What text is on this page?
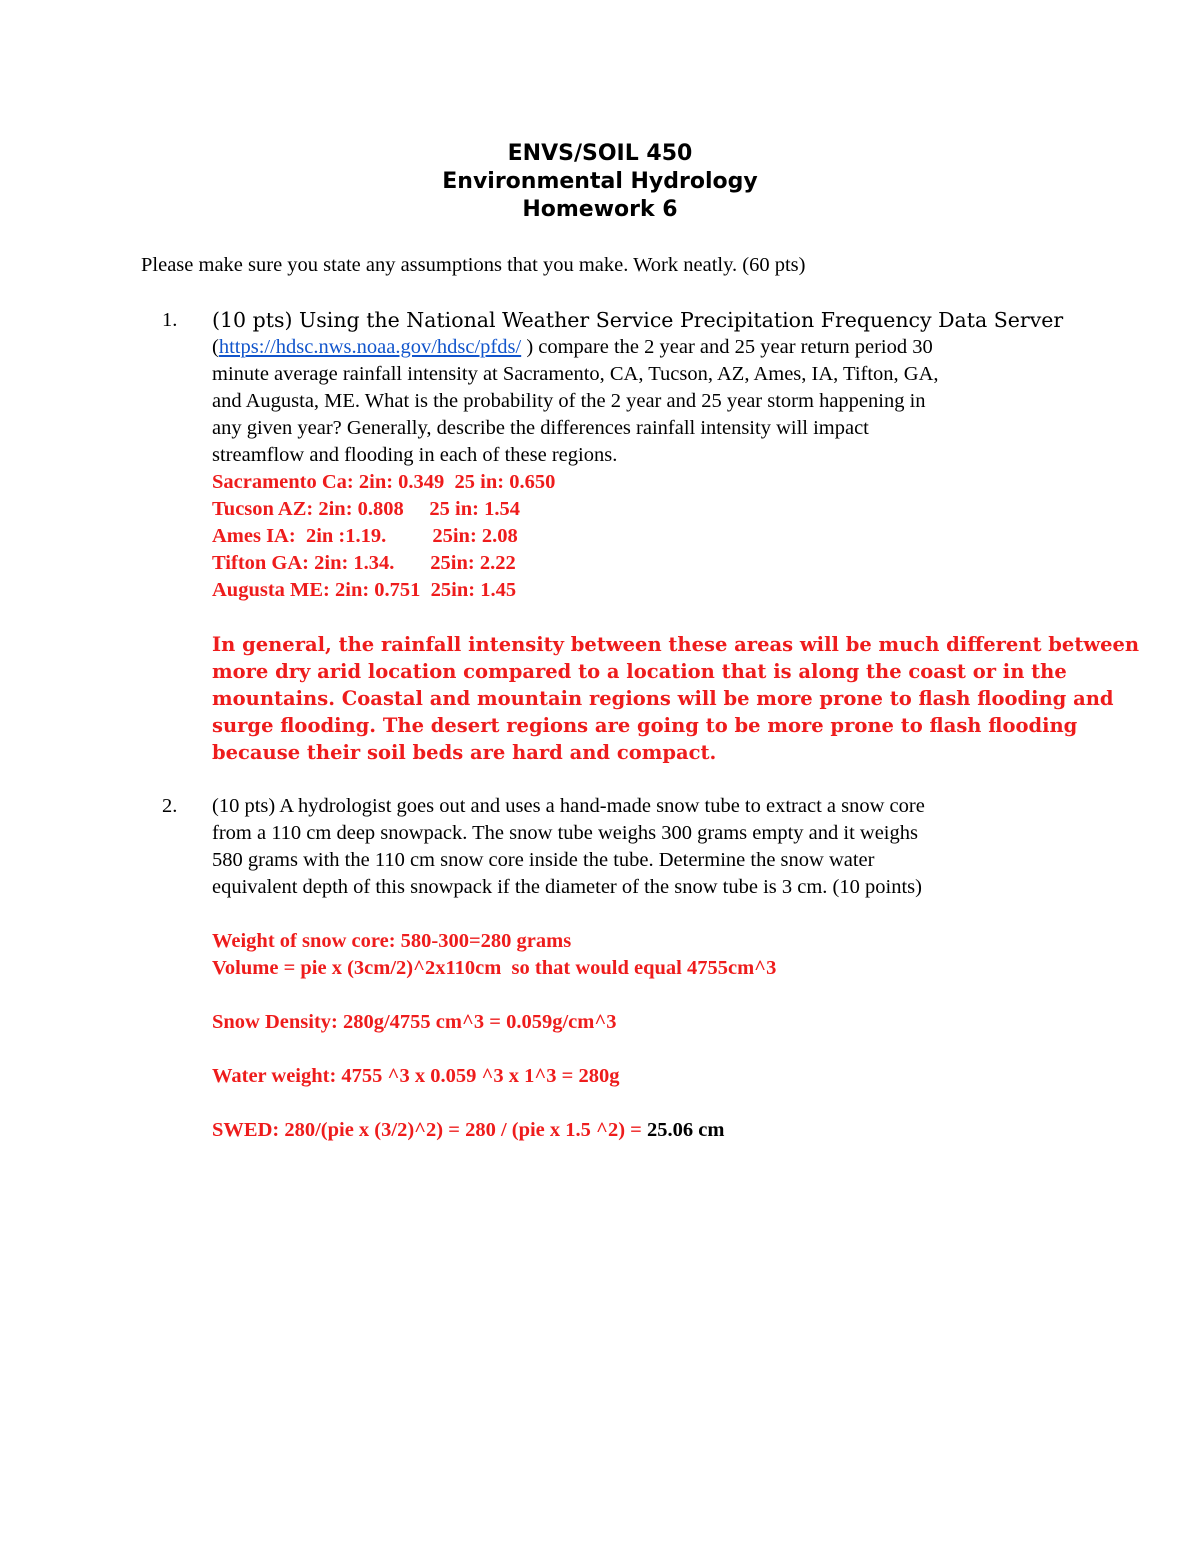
ENVS/SOIL 450
Environmental Hydrology
Homework 6
Please make sure you state any assumptions that you make. Work neatly. (60 pts)
1. (10 pts) Using the National Weather Service Precipitation Frequency Data Server
(https://hdsc.nws.noaa.gov/hdsc/pfds/ ) compare the 2 year and 25 year return period 30
minute average rainfall intensity at Sacramento, CA, Tucson, AZ, Ames, IA, Tifton, GA,
and Augusta, ME. What is the probability of the 2 year and 25 year storm happening in
any given year? Generally, describe the differences rainfall intensity will impact
streamflow and flooding in each of these regions.
Sacramento Ca: 2in: 0.349  25 in: 0.650
Tucson AZ: 2in: 0.808     25 in: 1.54
Ames IA:  2in :1.19.         25in: 2.08
Tifton GA: 2in: 1.34.       25in: 2.22
Augusta ME: 2in: 0.751  25in: 1.45
In general, the rainfall intensity between these areas will be much different between
more dry arid location compared to a location that is along the coast or in the
mountains. Coastal and mountain regions will be more prone to flash flooding and
surge flooding. The desert regions are going to be more prone to flash flooding
because their soil beds are hard and compact.
2. (10 pts) A hydrologist goes out and uses a hand-made snow tube to extract a snow core
from a 110 cm deep snowpack. The snow tube weighs 300 grams empty and it weighs
580 grams with the 110 cm snow core inside the tube. Determine the snow water
equivalent depth of this snowpack if the diameter of the snow tube is 3 cm. (10 points)
Weight of snow core: 580-300=280 grams
Volume = pie x (3cm/2)^2x110cm  so that would equal 4755cm^3
Snow Density: 280g/4755 cm^3 = 0.059g/cm^3
Water weight: 4755 ^3 x 0.059 ^3 x 1^3 = 280g
SWED: 280/(pie x (3/2)^2) = 280 / (pie x 1.5 ^2) = 25.06 cm
